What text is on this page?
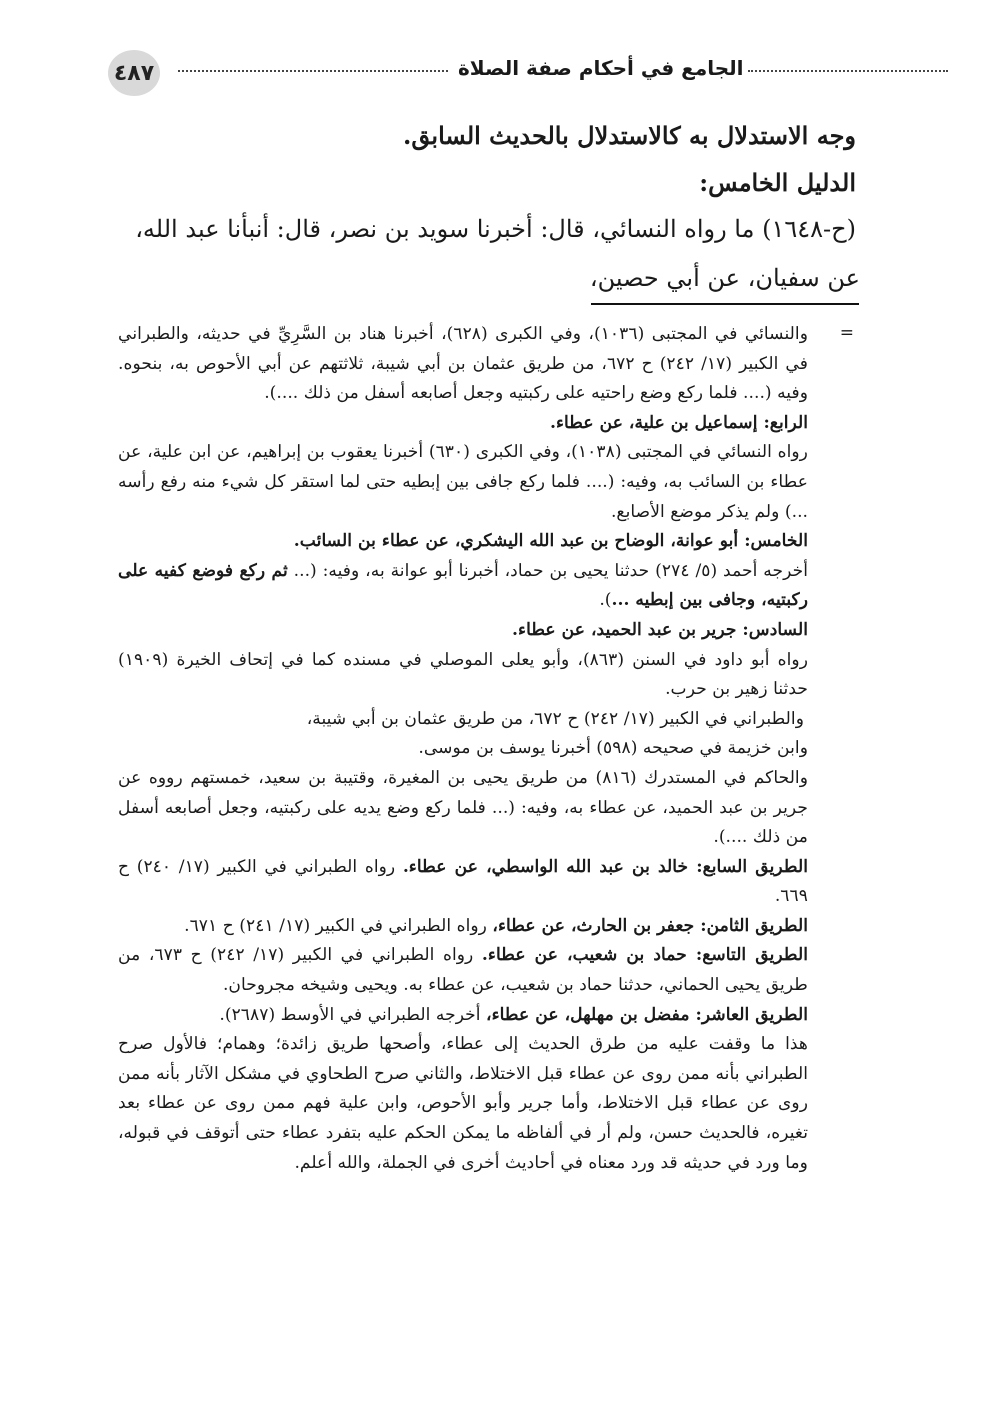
٤٨٧	الجامع في أحكام صفة الصلاة
وجه الاستدلال به كالاستدلال بالحديث السابق.
الدليل الخامس:
(ح-١٦٤٨) ما رواه النسائي، قال: أخبرنا سويد بن نصر، قال: أنبأنا عبد الله،
عن سفيان، عن أبي حصين،
=

والنسائي في المجتبى (١٠٣٦)، وفي الكبرى (٦٢٨)، أخبرنا هناد بن السَّرِيِّ في حديثه، والطبراني في الكبير (١٧/ ٢٤٢) ح ٦٧٢، من طريق عثمان بن أبي شيبة، ثلاثتهم عن أبي الأحوص به، بنحوه. وفيه (.... فلما ركع وضع راحتيه على ركبتيه وجعل أصابعه أسفل من ذلك ....).

الرابع: إسماعيل بن علية، عن عطاء.

رواه النسائي في المجتبى (١٠٣٨)، وفي الكبرى (٦٣٠) أخبرنا يعقوب بن إبراهيم، عن ابن علية، عن عطاء بن السائب به، وفيه: (.... فلما ركع جافى بين إبطيه حتى لما استقر كل شيء منه رفع رأسه ...) ولم يذكر موضع الأصابع.

الخامس: أبو عوانة، الوضاح بن عبد الله اليشكري، عن عطاء بن السائب.

أخرجه أحمد (٥/ ٢٧٤) حدثنا يحيى بن حماد، أخبرنا أبو عوانة به، وفيه: (... ثم ركع فوضع كفيه على ركبتيه، وجافى بين إبطيه ...).

السادس: جرير بن عبد الحميد، عن عطاء.

رواه أبو داود في السنن (٨٦٣)، وأبو يعلى الموصلي في مسنده كما في إتحاف الخيرة (١٩٠٩) حدثنا زهير بن حرب.

والطبراني في الكبير (١٧/ ٢٤٢) ح ٦٧٢، من طريق عثمان بن أبي شيبة،

وابن خزيمة في صحيحه (٥٩٨) أخبرنا يوسف بن موسى.

والحاكم في المستدرك (٨١٦) من طريق يحيى بن المغيرة، وقتيبة بن سعيد، خمستهم رووه عن جرير بن عبد الحميد، عن عطاء به، وفيه: (... فلما ركع وضع يديه على ركبتيه، وجعل أصابعه أسفل من ذلك ....).

الطريق السابع: خالد بن عبد الله الواسطي، عن عطاء. رواه الطبراني في الكبير (١٧/ ٢٤٠) ح ٦٦٩.

الطريق الثامن: جعفر بن الحارث، عن عطاء، رواه الطبراني في الكبير (١٧/ ٢٤١) ح ٦٧١.

الطريق التاسع: حماد بن شعيب، عن عطاء. رواه الطبراني في الكبير (١٧/ ٢٤٢) ح ٦٧٣، من طريق يحيى الحماني، حدثنا حماد بن شعيب، عن عطاء به. ويحيى وشيخه مجروحان.

الطريق العاشر: مفضل بن مهلهل، عن عطاء، أخرجه الطبراني في الأوسط (٢٦٨٧).

هذا ما وقفت عليه من طرق الحديث إلى عطاء، وأصحها طريق زائدة؛ وهمام؛ فالأول صرح الطبراني بأنه ممن روى عن عطاء قبل الاختلاط، والثاني صرح الطحاوي في مشكل الآثار بأنه ممن روى عن عطاء قبل الاختلاط، وأما جرير وأبو الأحوص، وابن علية فهم ممن روى عن عطاء بعد تغيره، فالحديث حسن، ولم أر في ألفاظه ما يمكن الحكم عليه بتفرد عطاء حتى أتوقف في قبوله، وما ورد في حديثه قد ورد معناه في أحاديث أخرى في الجملة، والله أعلم.
